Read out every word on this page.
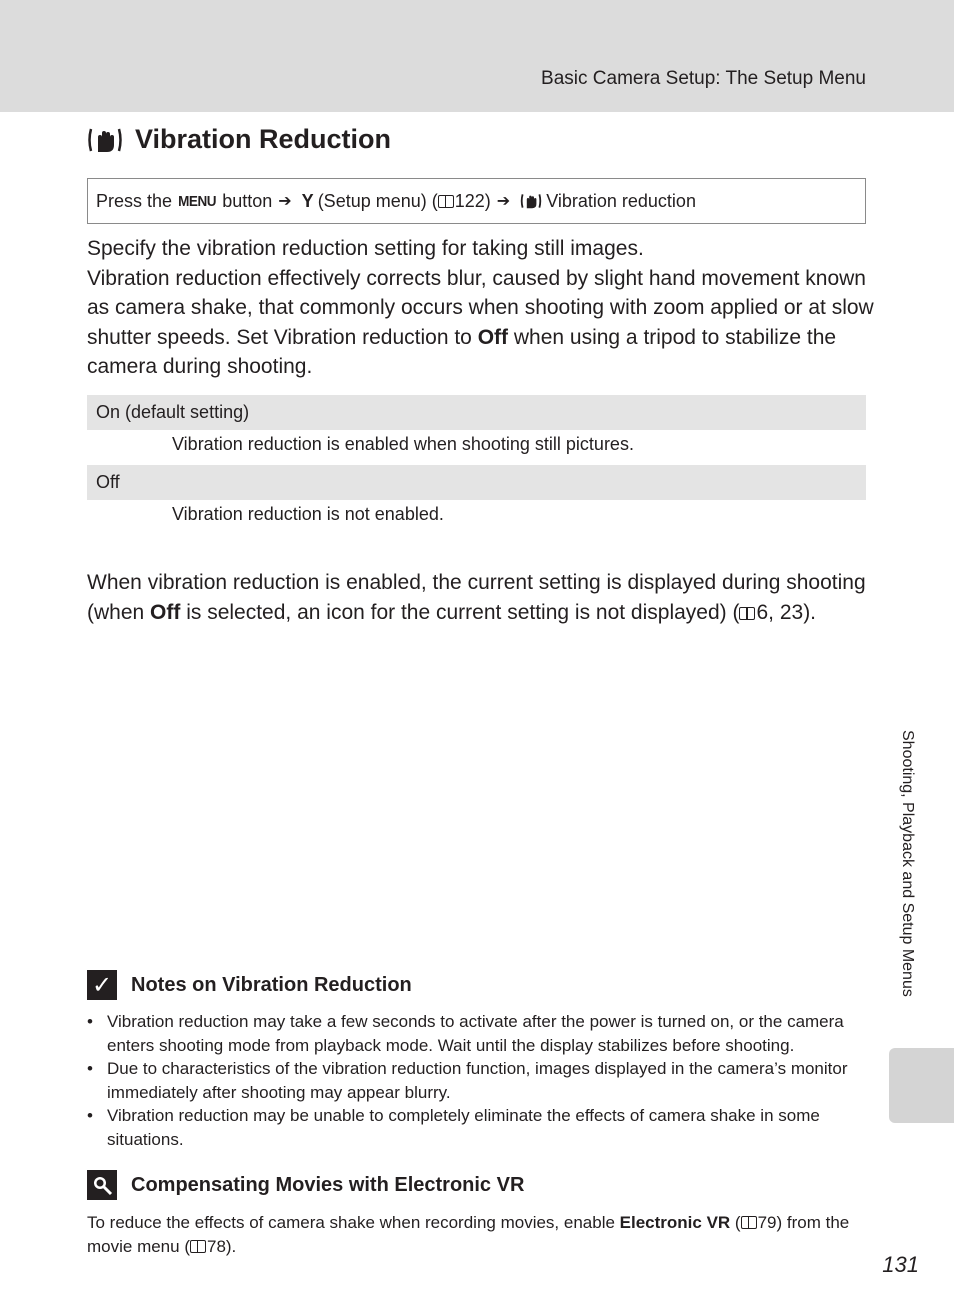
Basic Camera Setup: The Setup Menu
Vibration Reduction
Press the MENU button ➔ Y (Setup menu) ( 122) ➔ Vibration reduction

Specify the vibration reduction setting for taking still images.

Vibration reduction effectively corrects blur, caused by slight hand movement known as camera shake, that commonly occurs when shooting with zoom applied or at slow shutter speeds. Set Vibration reduction to Off when using a tripod to stabilize the camera during shooting.

On (default setting)
Vibration reduction is enabled when shooting still pictures.
Off
Vibration reduction is not enabled.

When vibration reduction is enabled, the current setting is displayed during shooting (when Off is selected, an icon for the current setting is not displayed) ( 6, 23).

✓ Notes on Vibration Reduction
• Vibration reduction may take a few seconds to activate after the power is turned on, or the camera enters shooting mode from playback mode. Wait until the display stabilizes before shooting.
• Due to characteristics of the vibration reduction function, images displayed in the camera’s monitor immediately after shooting may appear blurry.
• Vibration reduction may be unable to completely eliminate the effects of camera shake in some situations.
Compensating Movies with Electronic VR
To reduce the effects of camera shake when recording movies, enable Electronic VR ( 79) from the movie menu ( 78).
Shooting, Playback and Setup Menus
131
